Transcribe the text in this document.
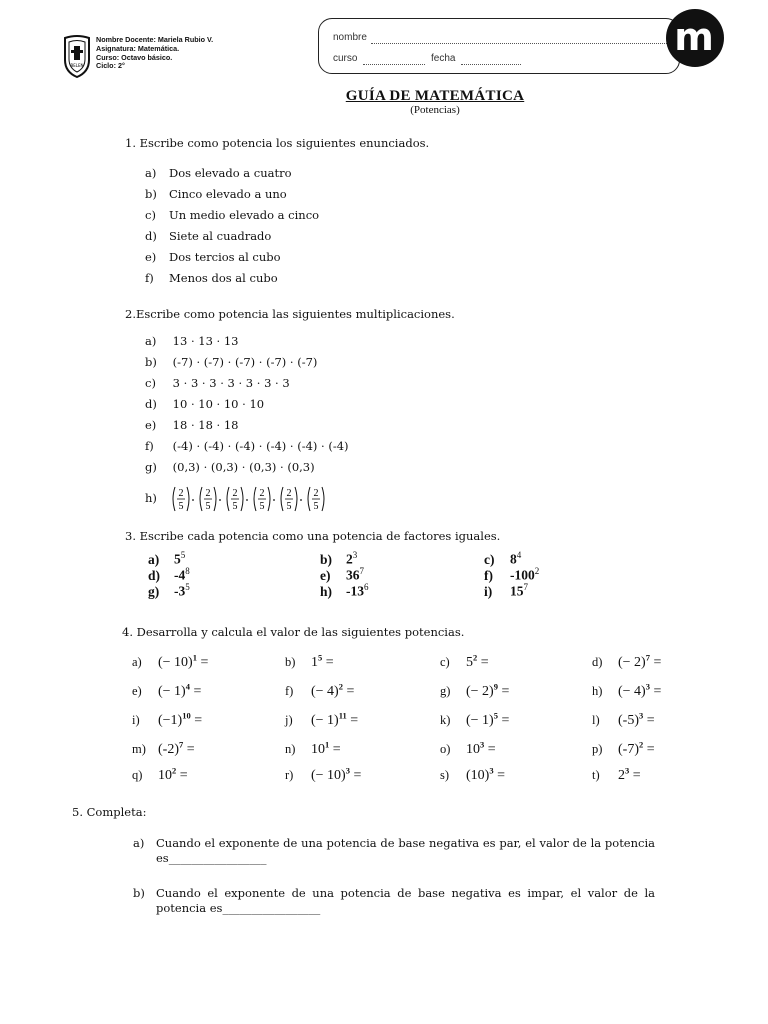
BELEN
Nombre Docente: Mariela Rubio V.
Asignatura: Matemática.
Curso: Octavo básico.
Ciclo: 2°
nombre
curso	fecha	m
GUÍA DE MATEMÁTICA
(Potencias)
1. Escribe como potencia los siguientes enunciados.
a) Dos elevado a cuatro
b) Cinco elevado a uno
c) Un medio elevado a cinco
d) Siete al cuadrado
e) Dos tercios al cubo
f) Menos dos al cubo
2.Escribe como potencia las siguientes multiplicaciones.
a) 13 · 13 · 13
b) (-7) · (-7) · (-7) · (-7) · (-7)
c) 3 · 3 · 3 · 3 · 3 · 3 · 3
d) 10 · 10 · 10 · 10
e) 18 · 18 · 18
f) (-4) · (-4) · (-4) · (-4) · (-4) · (-4)
g) (0,3) · (0,3) · (0,3) · (0,3)
h) 2
5
2
5
2
5
2
5
2
5
2
5
3. Escribe cada potencia como una potencia de factores iguales.
a) $5^5$	b) $2^3$	c) $8^4$
d) $-4^8$	e) $36^7$	f) $-100^2$
g) $-3^5$	h) $-13^6$	i) $15^7$
4. Desarrolla y calcula el valor de las siguientes potencias.
a) (− 10)$^1$ =	b) $1^5$ =	c) $5^2$ =	d) (− 2)$^7$ =
e) (− 1)$^4$ =	f) (− 4)$^2$ =	g) (− 2)$^9$ =	h) (− 4)$^3$ =
i) $(-1)^{10}$ =	j) (− 1)$^{11}$ =	k) (− 1)$^5$ =	l) $(-5)^3$ =
m) $(-2)^7$ =	n) $10^1$ =	o) $10^3$ =	p) $(-7)^2$ =
q) $10^2$ =	r) (− 10)$^3$ =	s) $(10)^3$ =	t) $2^3$ =
5. Completa:
a) Cuando el exponente de una potencia de base negativa es par, el valor de la potencia es_________________
b) Cuando el exponente de una potencia de base negativa es impar, el valor de la potencia es_________________
